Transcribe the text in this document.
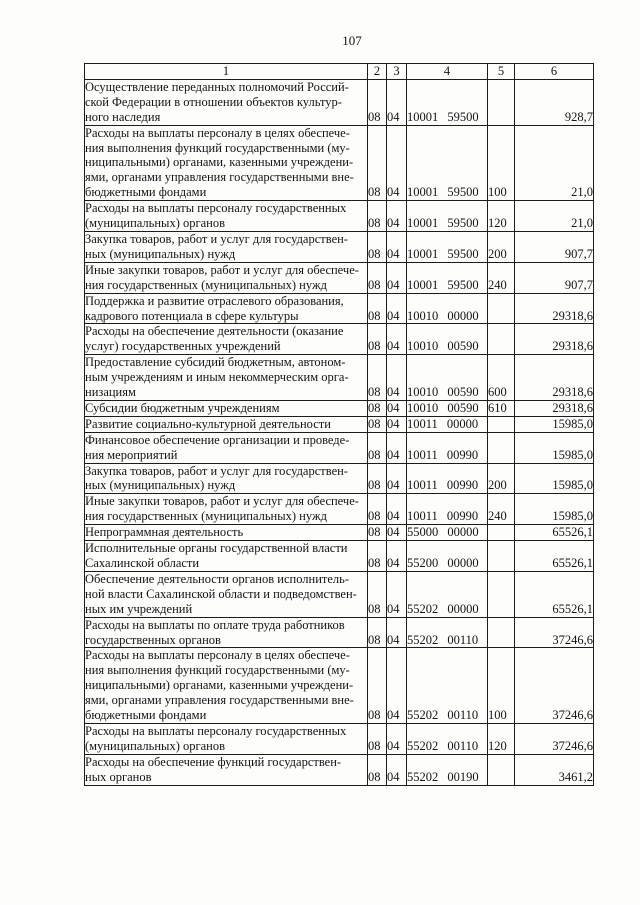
107
1	2	3	4	5	6

Осуществление переданных полномочий Россий-
ской Федерации в отношении объектов культур-
ного наследия	08	04	10001 59500		928,7

Расходы на выплаты персоналу в целях обеспече-
ния выполнения функций государственными (му-
ниципальными) органами, казенными учреждени-
ями, органами управления государственными вне-
бюджетными фондами	08	04	10001 59500	100	21,0

Расходы на выплаты персоналу государственных
(муниципальных) органов	08	04	10001 59500	120	21,0

Закупка товаров, работ и услуг для государствен-
ных (муниципальных) нужд	08	04	10001 59500	200	907,7

Иные закупки товаров, работ и услуг для обеспече-
ния государственных (муниципальных) нужд	08	04	10001 59500	240	907,7

Поддержка и развитие отраслевого образования,
кадрового потенциала в сфере культуры	08	04	10010 00000		29318,6

Расходы на обеспечение деятельности (оказание
услуг) государственных учреждений	08	04	10010 00590		29318,6

Предоставление субсидий бюджетным, автоном-
ным учреждениям и иным некоммерческим орга-
низациям	08	04	10010 00590	600	29318,6

Субсидии бюджетным учреждениям	08	04	10010 00590	610	29318,6

Развитие социально-культурной деятельности	08	04	10011 00000		15985,0

Финансовое обеспечение организации и проведе-
ния мероприятий	08	04	10011 00990		15985,0

Закупка товаров, работ и услуг для государствен-
ных (муниципальных) нужд	08	04	10011 00990	200	15985,0

Иные закупки товаров, работ и услуг для обеспече-
ния государственных (муниципальных) нужд	08	04	10011 00990	240	15985,0

Непрограммная деятельность	08	04	55000 00000		65526,1

Исполнительные органы государственной власти
Сахалинской области	08	04	55200 00000		65526,1

Обеспечение деятельности органов исполнитель-
ной власти Сахалинской области и подведомствен-
ных им учреждений	08	04	55202 00000		65526,1

Расходы на выплаты по оплате труда работников
государственных органов	08	04	55202 00110		37246,6

Расходы на выплаты персоналу в целях обеспече-
ния выполнения функций государственными (му-
ниципальными) органами, казенными учреждени-
ями, органами управления государственными вне-
бюджетными фондами	08	04	55202 00110	100	37246,6

Расходы на выплаты персоналу государственных
(муниципальных) органов	08	04	55202 00110	120	37246,6

Расходы на обеспечение функций государствен-
ных органов	08	04	55202 00190		3461,2
